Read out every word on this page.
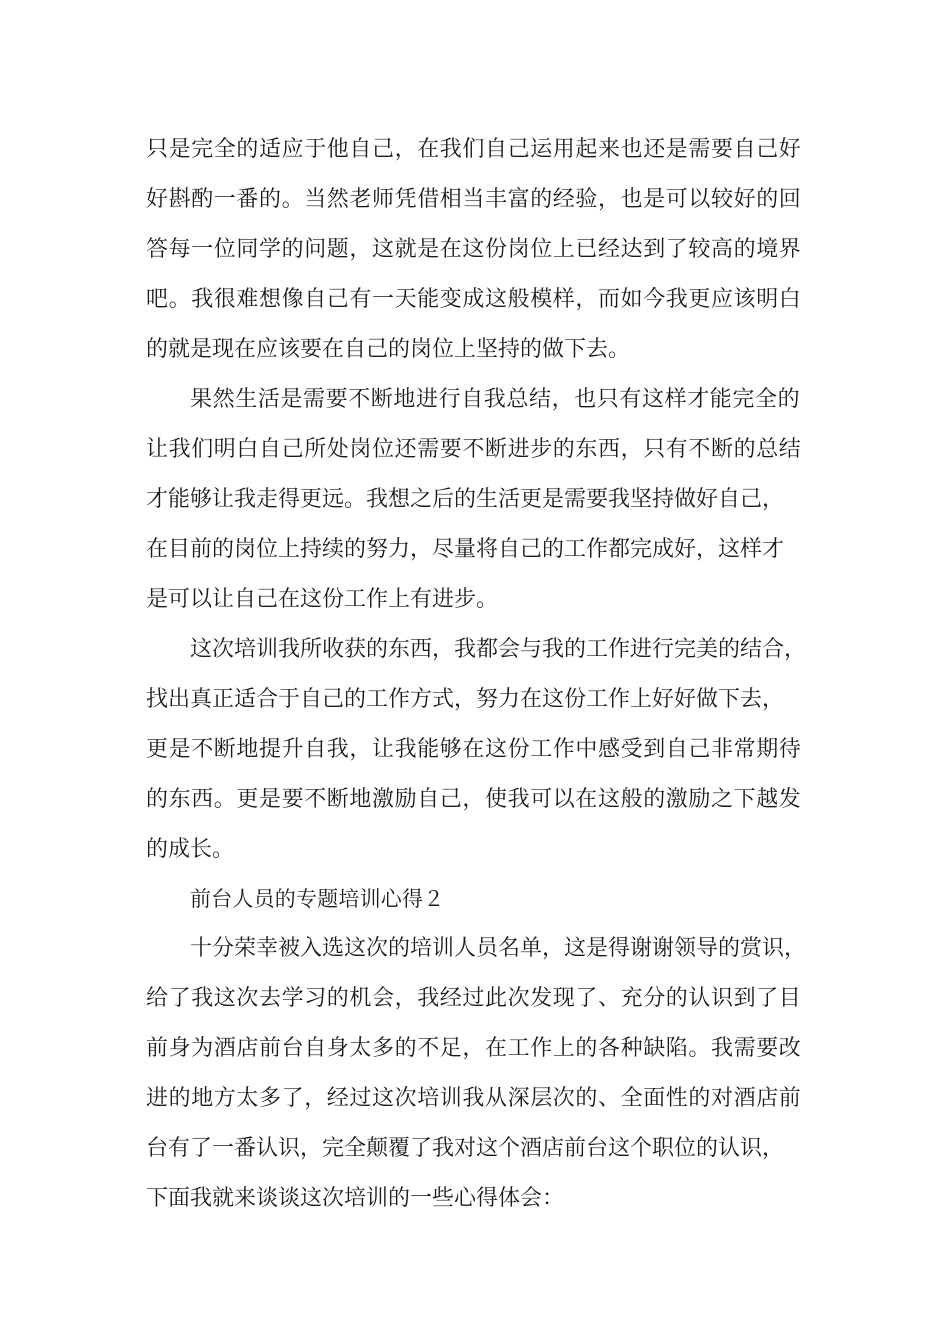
只是完全的适应于他自己，在我们自己运用起来也还是需要自己好

好斟酌一番的。当然老师凭借相当丰富的经验，也是可以较好的回

答每一位同学的问题，这就是在这份岗位上已经达到了较高的境界

吧。我很难想像自己有一天能变成这般模样，而如今我更应该明白

的就是现在应该要在自己的岗位上坚持的做下去。

果然生活是需要不断地进行自我总结，也只有这样才能完全的

让我们明白自己所处岗位还需要不断进步的东西，只有不断的总结

才能够让我走得更远。我想之后的生活更是需要我坚持做好自己，

在目前的岗位上持续的努力，尽量将自己的工作都完成好，这样才

是可以让自己在这份工作上有进步。

这次培训我所收获的东西，我都会与我的工作进行完美的结合，

找出真正适合于自己的工作方式，努力在这份工作上好好做下去，

更是不断地提升自我，让我能够在这份工作中感受到自己非常期待

的东西。更是要不断地激励自己，使我可以在这般的激励之下越发

的成长。

前台人员的专题培训心得２

十分荣幸被入选这次的培训人员名单，这是得谢谢领导的赏识，

给了我这次去学习的机会，我经过此次发现了、充分的认识到了目

前身为酒店前台自身太多的不足，在工作上的各种缺陷。我需要改

进的地方太多了，经过这次培训我从深层次的、全面性的对酒店前

台有了一番认识，完全颠覆了我对这个酒店前台这个职位的认识，

下面我就来谈谈这次培训的一些心得体会：
